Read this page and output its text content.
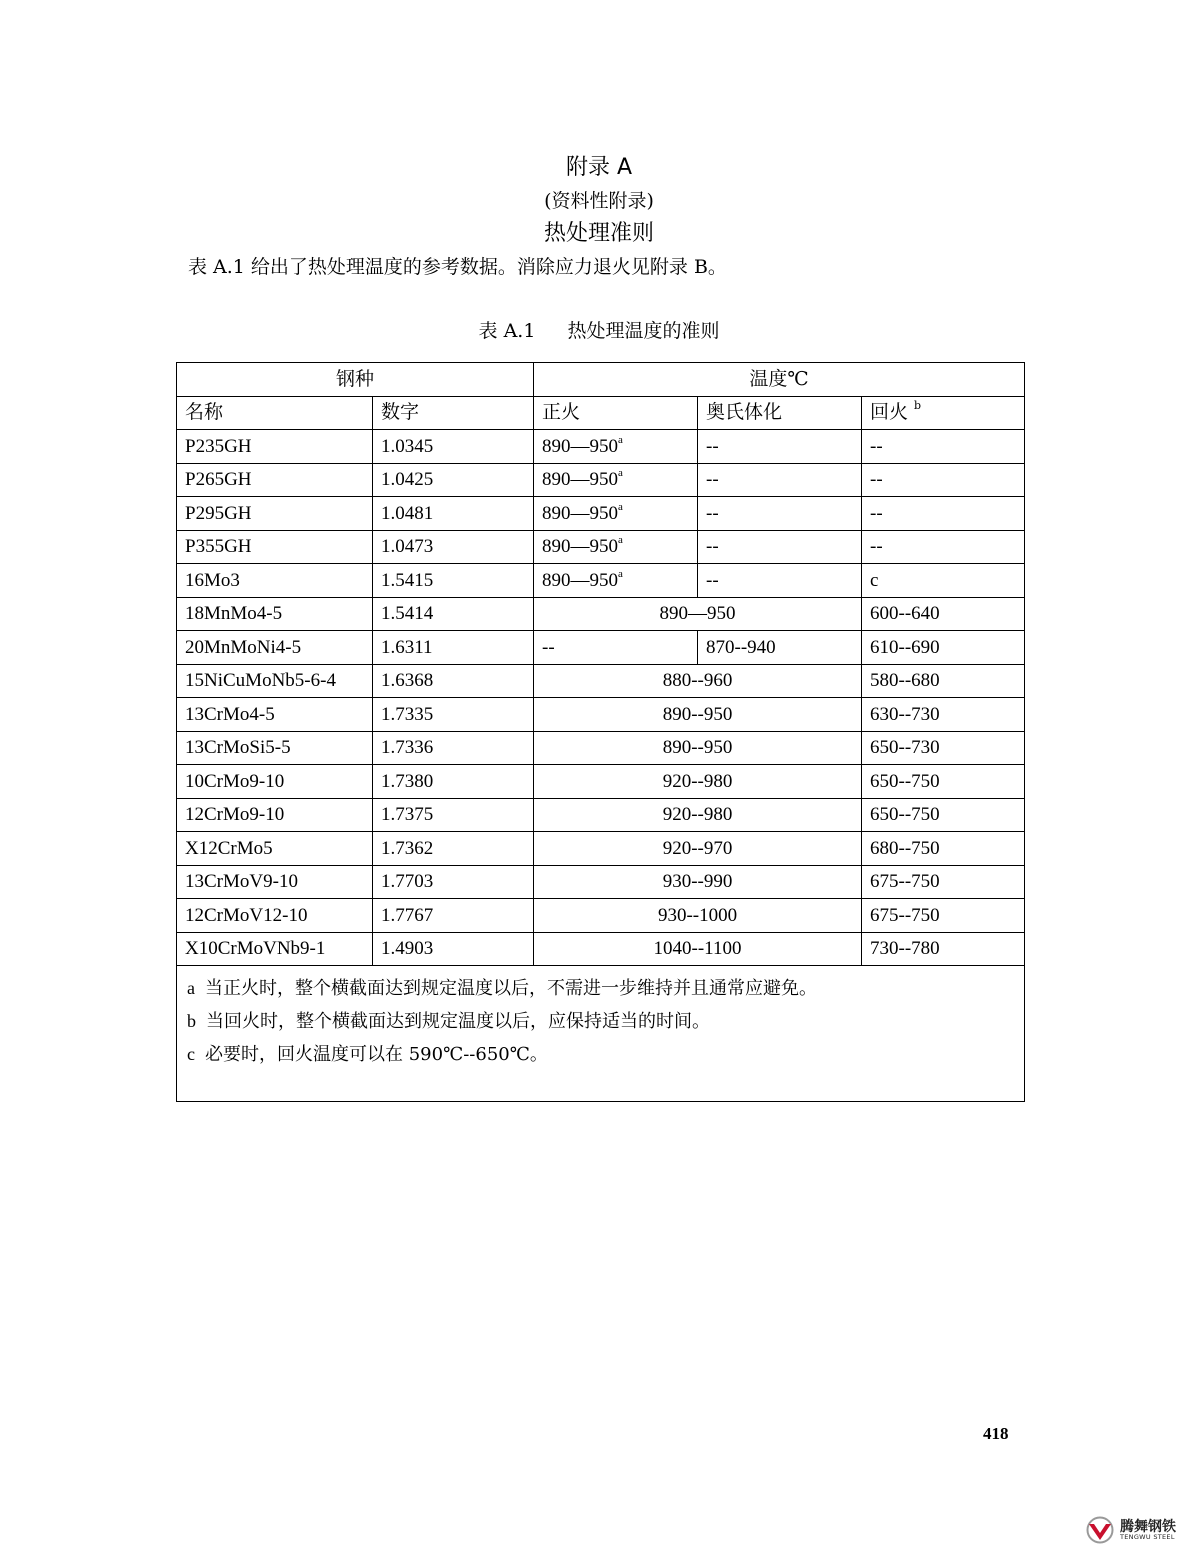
附录 A
(资料性附录)
热处理准则
表 A.1 给出了热处理温度的参考数据。消除应力退火见附录 B。
表 A.1 热处理温度的准则
钢种		温度℃		
名称	数字	正火	奥氏体化	回火 $^b$
P235GH	1.0345	890—950$^a$	--	--
P265GH	1.0425	890—950$^a$	--	--
P295GH	1.0481	890—950$^a$	--	--
P355GH	1.0473	890—950$^a$	--	--
16Mo3	1.5415	890—950$^a$	--	c
18MnMo4-5	1.5414	890—950		600--640
20MnMoNi4-5	1.6311	--	870--940	610--690
15NiCuMoNb5-6-4	1.6368	880--960		580--680
13CrMo4-5	1.7335	890--950		630--730
13CrMoSi5-5	1.7336	890--950		650--730
10CrMo9-10	1.7380	920--980		650--750
12CrMo9-10	1.7375	920--980		650--750
X12CrMo5	1.7362	920--970		680--750
13CrMoV9-10	1.7703	930--990		675--750
12CrMoV12-10	1.7767	930--1000		675--750
X10CrMoVNb9-1	1.4903	1040--1100		730--780

a 当正火时，整个横截面达到规定温度以后，不需进一步维持并且通常应避免。
b 当回火时，整个横截面达到规定温度以后，应保持适当的时间。
c 必要时，回火温度可以在 590℃--650℃。				
418
腾舞钢铁
TENGWU STEEL
